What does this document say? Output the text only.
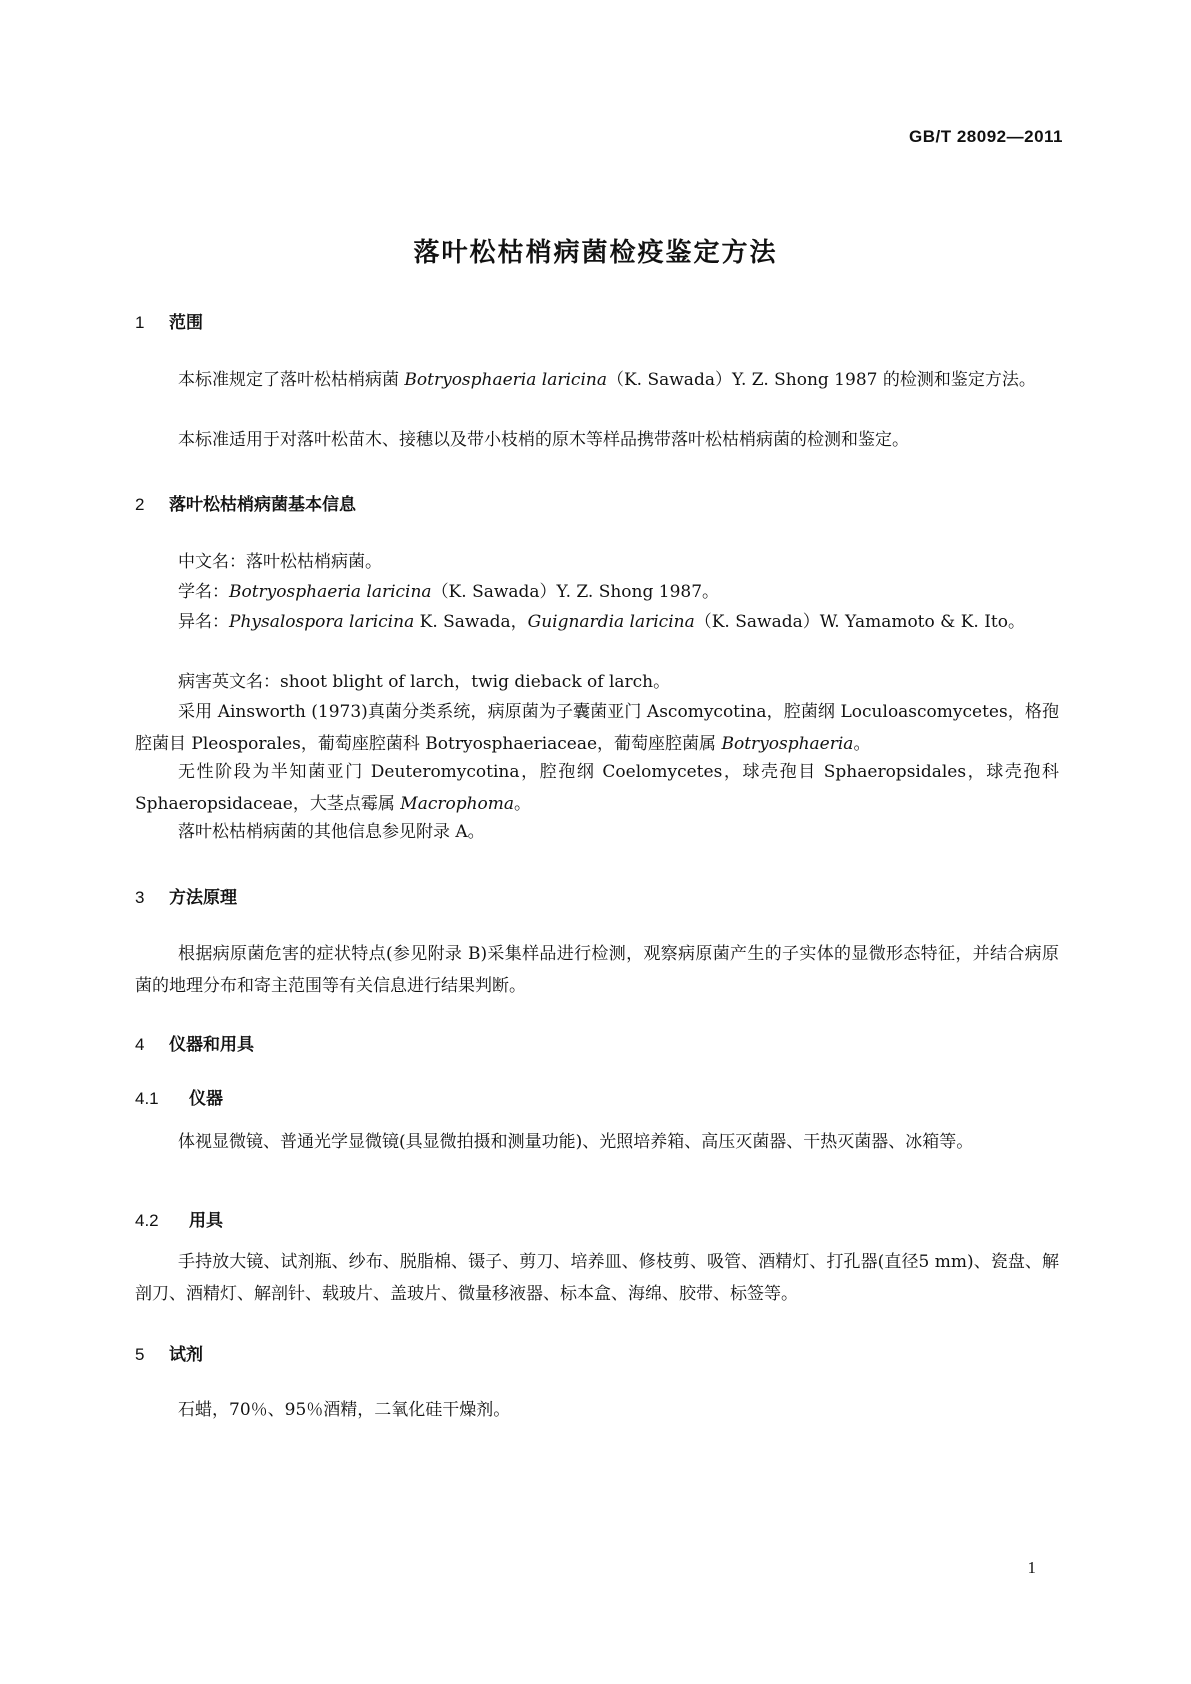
GB/T 28092—2011
落叶松枯梢病菌检疫鉴定方法
1 范围
本标准规定了落叶松枯梢病菌 Botryosphaeria laricina（K. Sawada）Y. Z. Shong 1987 的检测和鉴定方法。
本标准适用于对落叶松苗木、接穗以及带小枝梢的原木等样品携带落叶松枯梢病菌的检测和鉴定。
2 落叶松枯梢病菌基本信息
中文名：落叶松枯梢病菌。
学名：Botryosphaeria laricina（K. Sawada）Y. Z. Shong 1987。
异名：Physalospora laricina K. Sawada，Guignardia laricina（K. Sawada）W. Yamamoto & K. Ito。
病害英文名：shoot blight of larch，twig dieback of larch。
采用 Ainsworth (1973)真菌分类系统，病原菌为子囊菌亚门 Ascomycotina，腔菌纲 Loculoascomycetes，格孢腔菌目 Pleosporales，葡萄座腔菌科 Botryosphaeriaceae，葡萄座腔菌属 Botryosphaeria。
无性阶段为半知菌亚门 Deuteromycotina，腔孢纲 Coelomycetes，球壳孢目 Sphaeropsidales，球壳孢科 Sphaeropsidaceae，大茎点霉属 Macrophoma。
落叶松枯梢病菌的其他信息参见附录 A。
3 方法原理
根据病原菌危害的症状特点(参见附录 B)采集样品进行检测，观察病原菌产生的子实体的显微形态特征，并结合病原菌的地理分布和寄主范围等有关信息进行结果判断。
4 仪器和用具
4.1 仪器
体视显微镜、普通光学显微镜(具显微拍摄和测量功能)、光照培养箱、高压灭菌器、干热灭菌器、冰箱等。
4.2 用具
手持放大镜、试剂瓶、纱布、脱脂棉、镊子、剪刀、培养皿、修枝剪、吸管、酒精灯、打孔器(直径5 mm)、瓷盘、解剖刀、酒精灯、解剖针、载玻片、盖玻片、微量移液器、标本盒、海绵、胶带、标签等。
5 试剂
石蜡，70％、95％酒精，二氧化硅干燥剂。
1
